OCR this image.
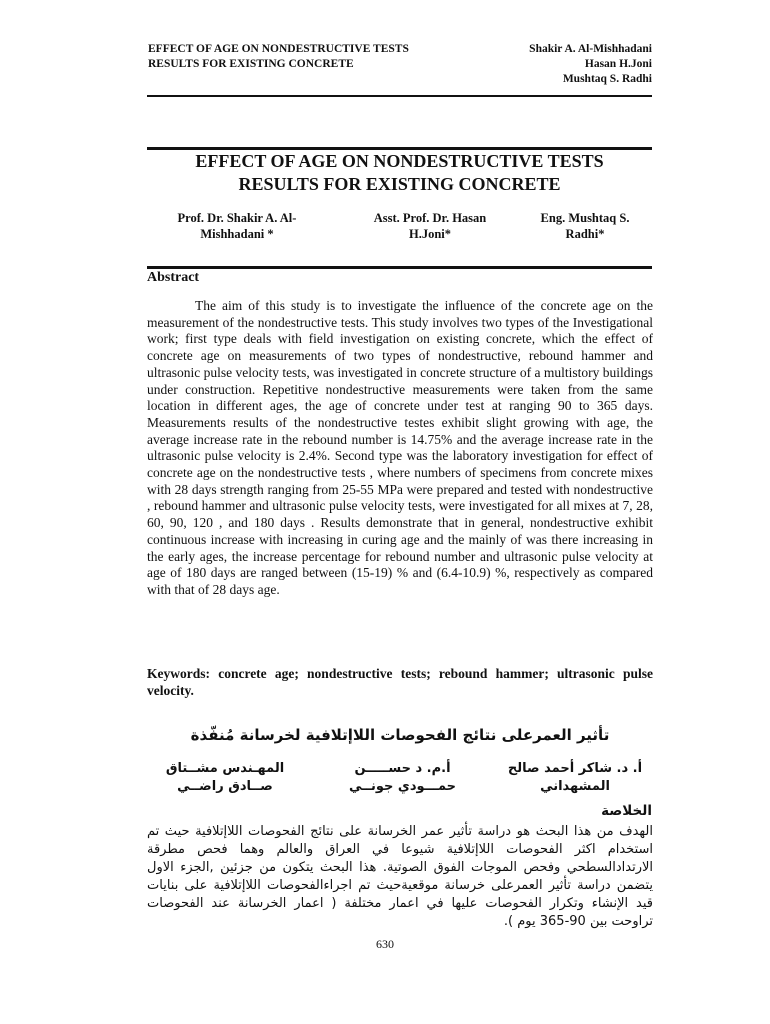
EFFECT OF AGE ON NONDESTRUCTIVE TESTS
RESULTS FOR EXISTING CONCRETE
Shakir A. Al-Mishhadani
Hasan H.Joni
Mushtaq S. Radhi
EFFECT OF AGE ON NONDESTRUCTIVE TESTS
RESULTS FOR EXISTING CONCRETE
Prof. Dr. Shakir A. Al-
Mishhadani *
Asst. Prof. Dr. Hasan
H.Joni*
Eng. Mushtaq S.
Radhi*
Abstract
The aim of this study is to investigate the influence of the concrete age on the measurement of the nondestructive tests. This study involves two types of the Investigational work; first type deals with field investigation on existing concrete, which the effect of concrete age on measurements of two types of nondestructive, rebound hammer and ultrasonic pulse velocity tests, was investigated in concrete structure of a multistory buildings under construction. Repetitive nondestructive measurements were taken from the same location in different ages, the age of concrete under test at ranging 90 to 365 days. Measurements results of the nondestructive testes exhibit slight growing with age, the average increase rate in the rebound number is 14.75% and the average increase rate in the ultrasonic pulse velocity is 2.4%. Second type was the laboratory investigation for effect of concrete age on the nondestructive tests , where numbers of specimens from concrete mixes with 28 days strength ranging from 25-55 MPa were prepared and tested with nondestructive , rebound hammer and ultrasonic pulse velocity tests, were investigated for all mixes at 7, 28, 60, 90, 120 , and 180 days . Results demonstrate that in general, nondestructive exhibit continuous increase with increasing in curing age and the mainly of was there increasing in the early ages, the increase percentage for rebound number and ultrasonic pulse velocity at age of 180 days are ranged between (15-19) % and (6.4-10.9) %, respectively as compared with that of 28 days age.
Keywords: concrete age; nondestructive tests; rebound hammer; ultrasonic pulse velocity.
تأثير العمرعلى نتائج الفحوصات اللاإتلافية لخرسانة مُنفّذة
أ. د. شاكر أحمد صالح
المشهداني
أ.م. د حســـــن
حمـــودي جونــي
المهـندس مشــتاق
صــادق راضــي
الخلاصة
الهدف من هذا البحث هو دراسة تأثير عمر الخرسانة على نتائج الفحوصات اللاإتلافية حيث تم استخدام اكثر الفحوصات اللاإتلافية شيوعا في العراق والعالم وهما فحص مطرقة الارتدادالسطحي وفحص الموجات الفوق الصوتية. هذا البحث يتكون من جزئين ,الجزء الاول يتضمن دراسة تأثير العمرعلى خرسانة موقعيةحيث تم اجراءالفحوصات اللاإتلافية على بنايات قيد الإنشاء وتكرار الفحوصات عليها في اعمار مختلفة ( اعمار الخرسانة عند الفحوصات تراوحت بين 90-365 يوم ).
630
